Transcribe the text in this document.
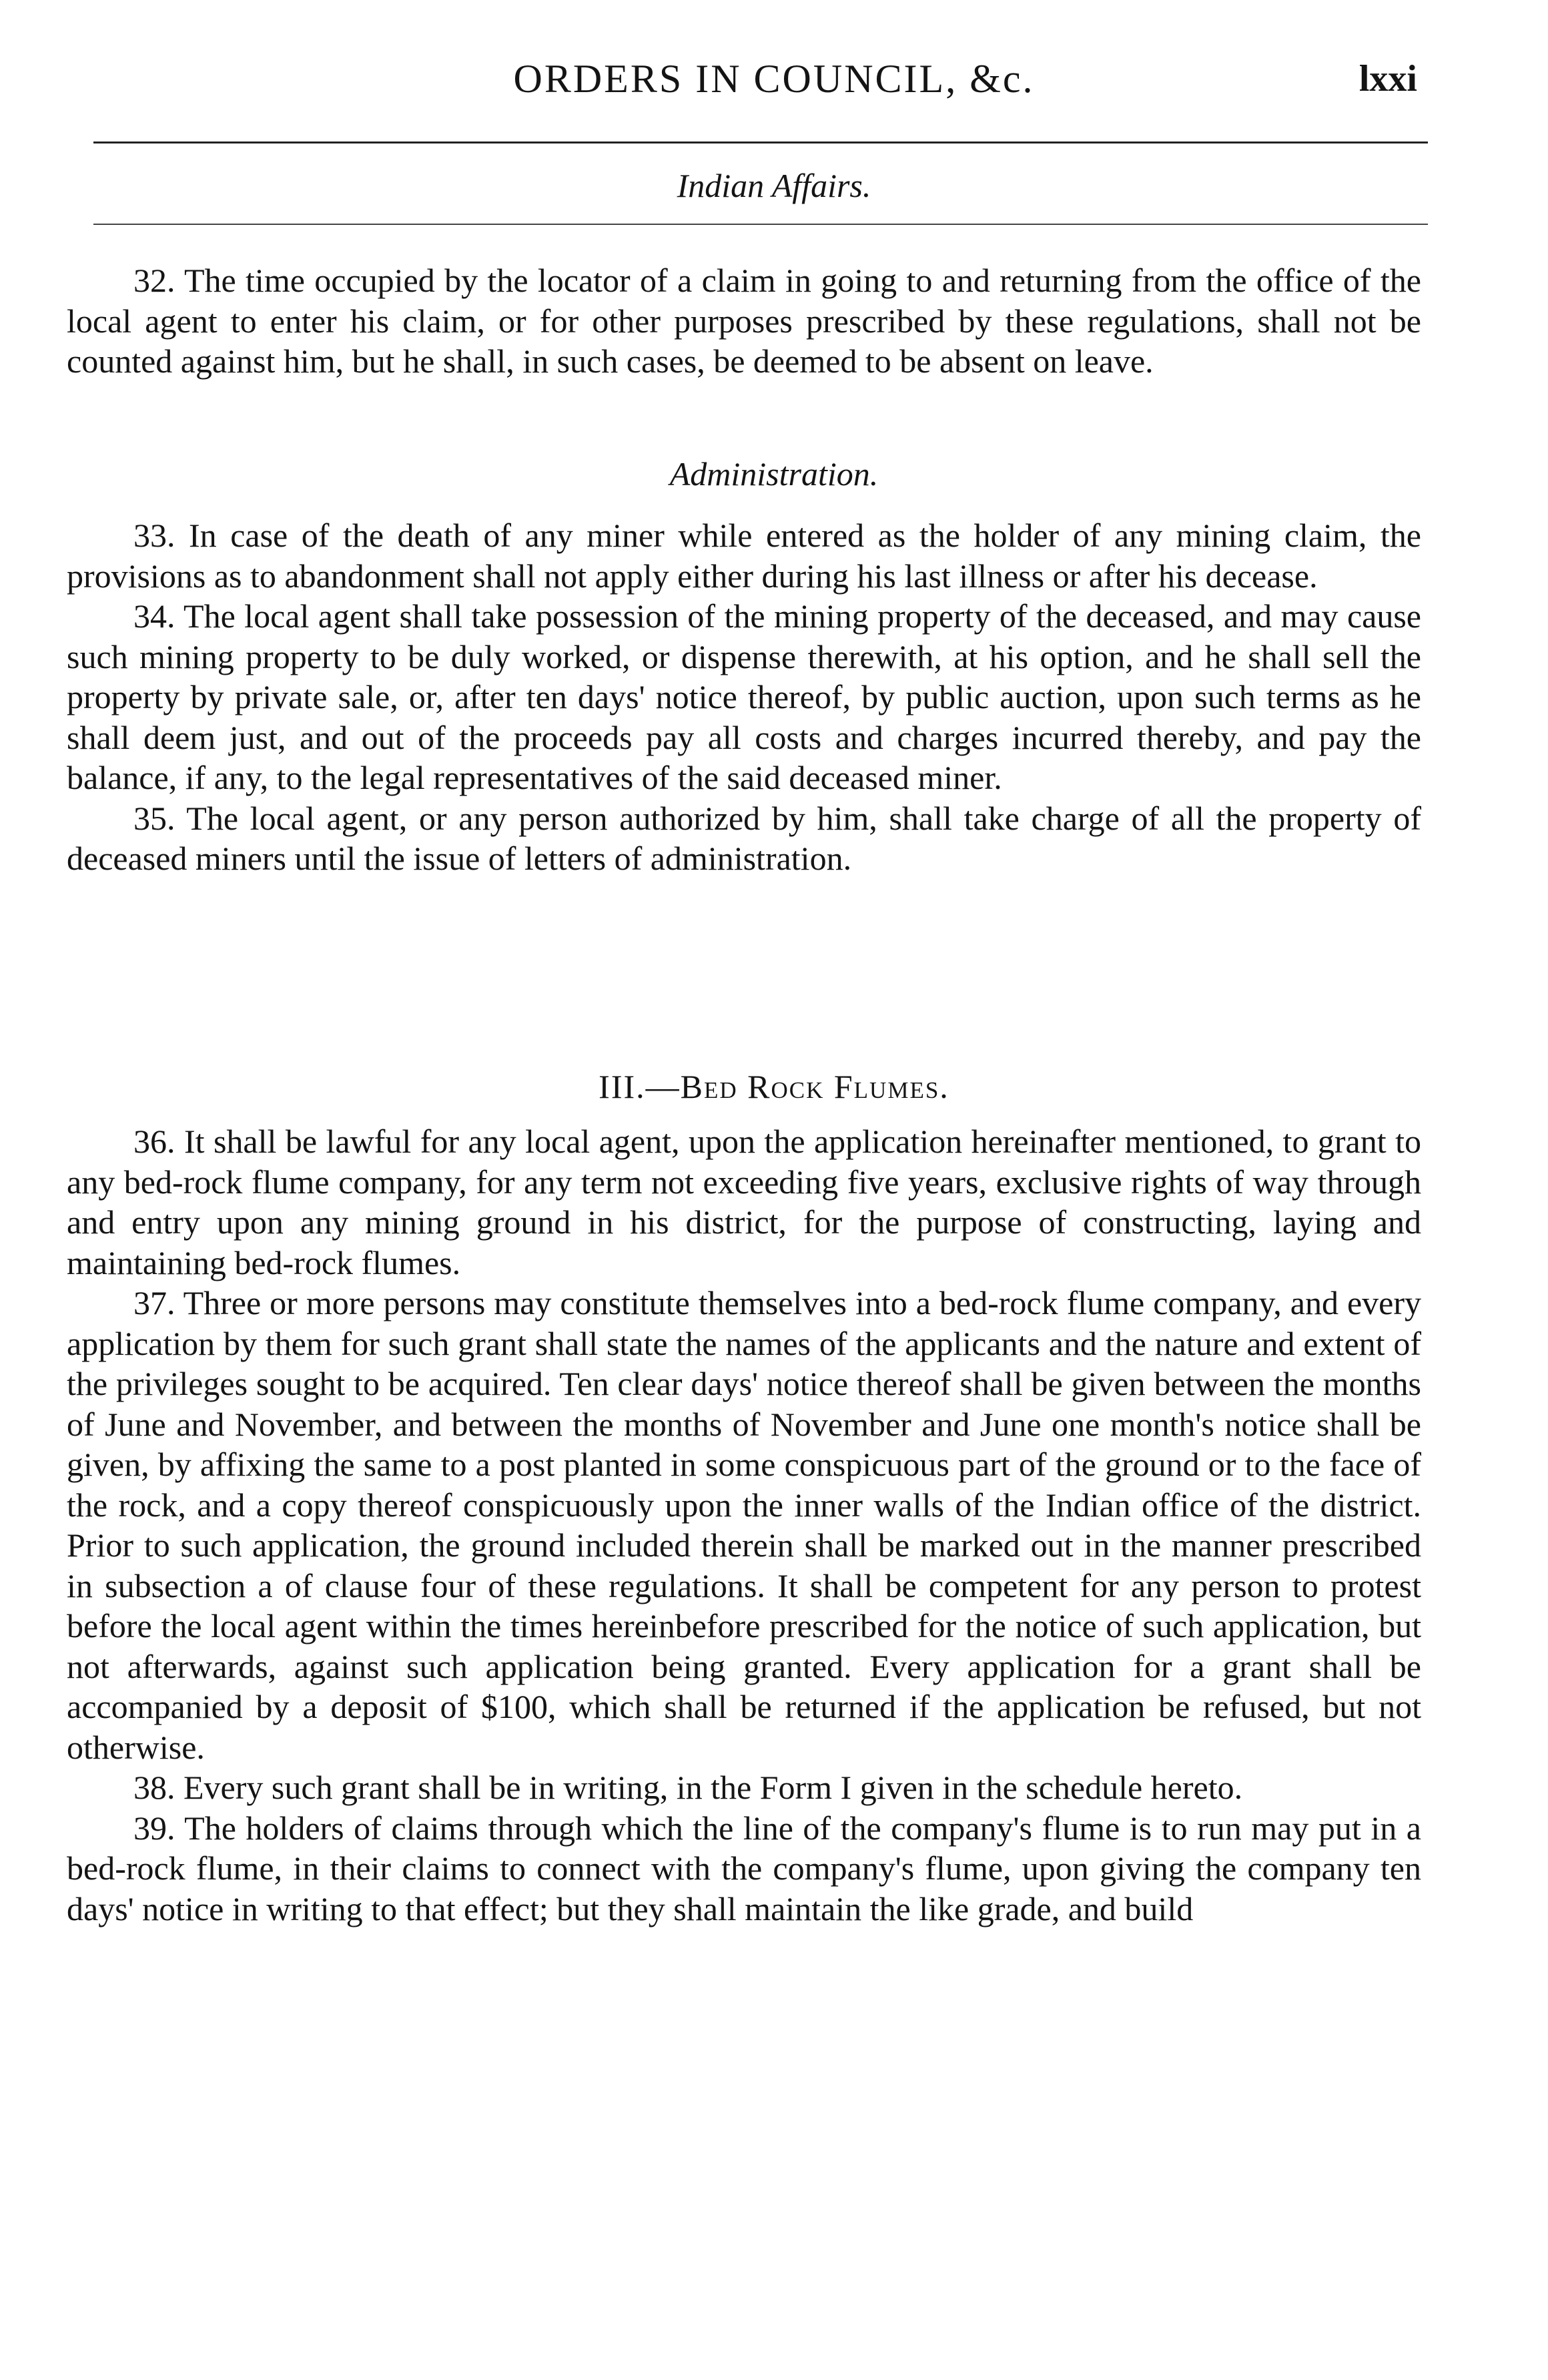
ORDERS IN COUNCIL, &c.	lxxi
Indian Affairs.

32. The time occupied by the locator of a claim in going to and returning from the office of the local agent to enter his claim, or for other purposes prescribed by these regulations, shall not be counted against him, but he shall, in such cases, be deemed to be absent on leave.

Administration.

33. In case of the death of any miner while entered as the holder of any mining claim, the provisions as to abandonment shall not apply either during his last illness or after his decease.

34. The local agent shall take possession of the mining property of the deceased, and may cause such mining property to be duly worked, or dispense therewith, at his option, and he shall sell the property by private sale, or, after ten days' notice thereof, by public auction, upon such terms as he shall deem just, and out of the proceeds pay all costs and charges incurred thereby, and pay the balance, if any, to the legal representatives of the said deceased miner.

35. The local agent, or any person authorized by him, shall take charge of all the property of deceased miners until the issue of letters of administration.

III.—Bed Rock Flumes.

36. It shall be lawful for any local agent, upon the application hereinafter mentioned, to grant to any bed-rock flume company, for any term not exceeding five years, exclusive rights of way through and entry upon any mining ground in his district, for the purpose of constructing, laying and maintaining bed-rock flumes.

37. Three or more persons may constitute themselves into a bed-rock flume company, and every application by them for such grant shall state the names of the applicants and the nature and extent of the privileges sought to be acquired. Ten clear days' notice thereof shall be given between the months of June and November, and between the months of November and June one month's notice shall be given, by affixing the same to a post planted in some conspicuous part of the ground or to the face of the rock, and a copy thereof conspicuously upon the inner walls of the Indian office of the district. Prior to such application, the ground included therein shall be marked out in the manner prescribed in subsection a of clause four of these regulations. It shall be competent for any person to protest before the local agent within the times hereinbefore prescribed for the notice of such application, but not afterwards, against such application being granted. Every application for a grant shall be accompanied by a deposit of $100, which shall be returned if the application be refused, but not otherwise.

38. Every such grant shall be in writing, in the Form I given in the schedule hereto.

39. The holders of claims through which the line of the company's flume is to run may put in a bed-rock flume, in their claims to connect with the company's flume, upon giving the company ten days' notice in writing to that effect; but they shall maintain the like grade, and build
